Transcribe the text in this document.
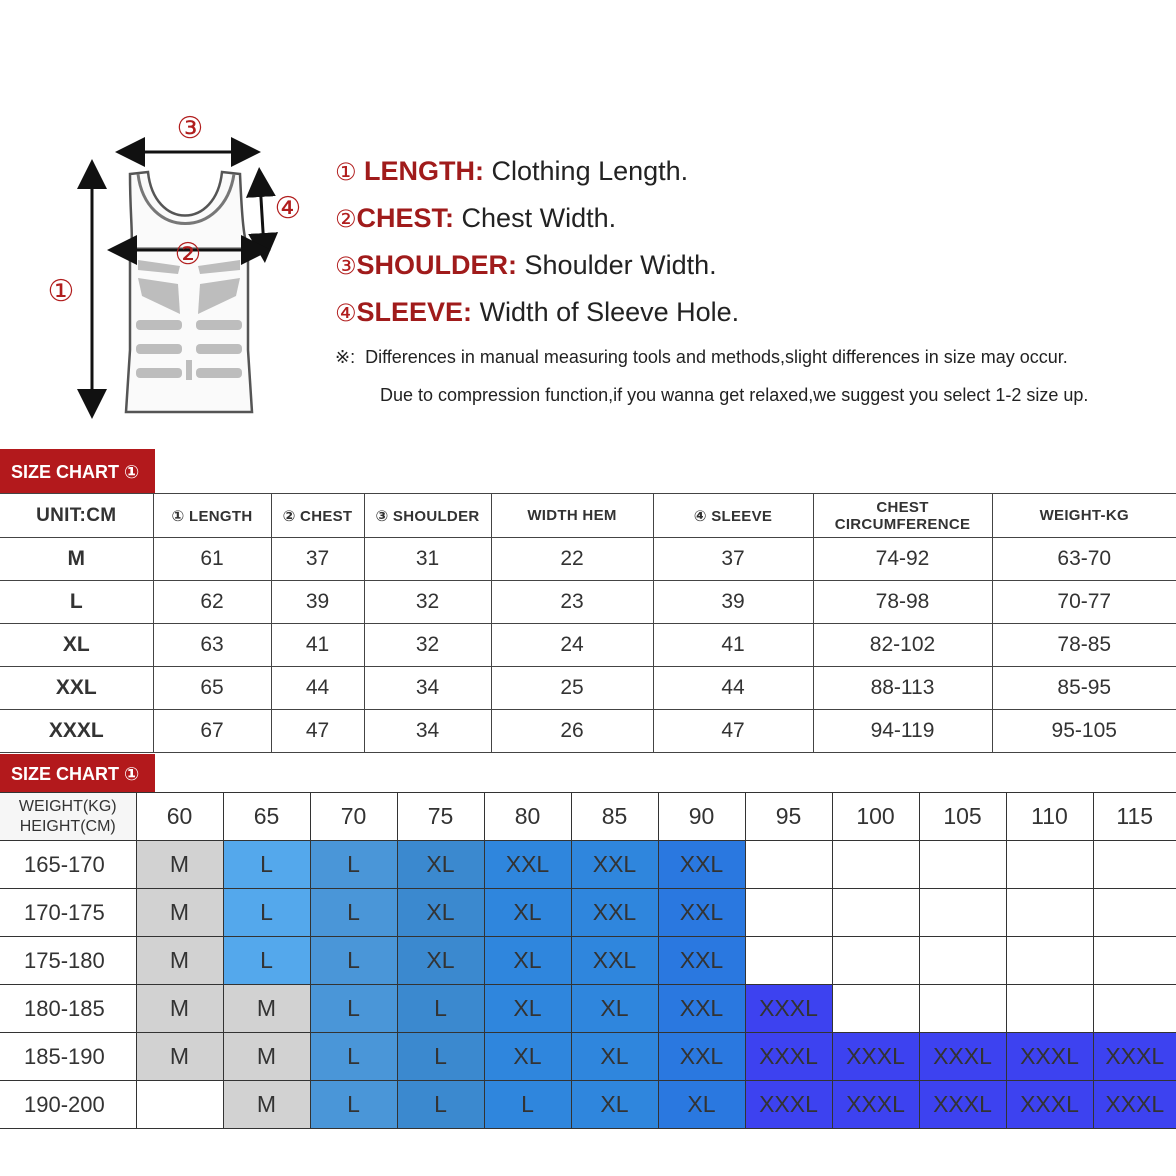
③
④
②
①
① LENGTH: Clothing Length.
②CHEST: Chest Width.
③SHOULDER: Shoulder Width.
④SLEEVE: Width of Sleeve Hole.
※: Differences in manual measuring tools and methods,slight differences in size may occur.
Due to compression function,if you wanna get relaxed,we suggest you select 1-2 size up.
SIZE CHART ①
UNIT:CM	① LENGTH	② CHEST	③ SHOULDER	WIDTH HEM	④ SLEEVE	CHEST CIRCUMFERENCE	WEIGHT-KG
M	61	37	31	22	37	74-92	63-70
L	62	39	32	23	39	78-98	70-77
XL	63	41	32	24	41	82-102	78-85
XXL	65	44	34	25	44	88-113	85-95
XXXL	67	47	34	26	47	94-119	95-105
SIZE CHART ①
WEIGHT(KG)
HEIGHT(CM)	60	65	70	75	80	85	90	95	100	105	110	115
165-170	M	L	L	XL	XXL	XXL	XXL					
170-175	M	L	L	XL	XL	XXL	XXL					
175-180	M	L	L	XL	XL	XXL	XXL					
180-185	M	M	L	L	XL	XL	XXL	XXXL				
185-190	M	M	L	L	XL	XL	XXL	XXXL	XXXL	XXXL	XXXL	XXXL
190-200		M	L	L	L	XL	XL	XXXL	XXXL	XXXL	XXXL	XXXL
